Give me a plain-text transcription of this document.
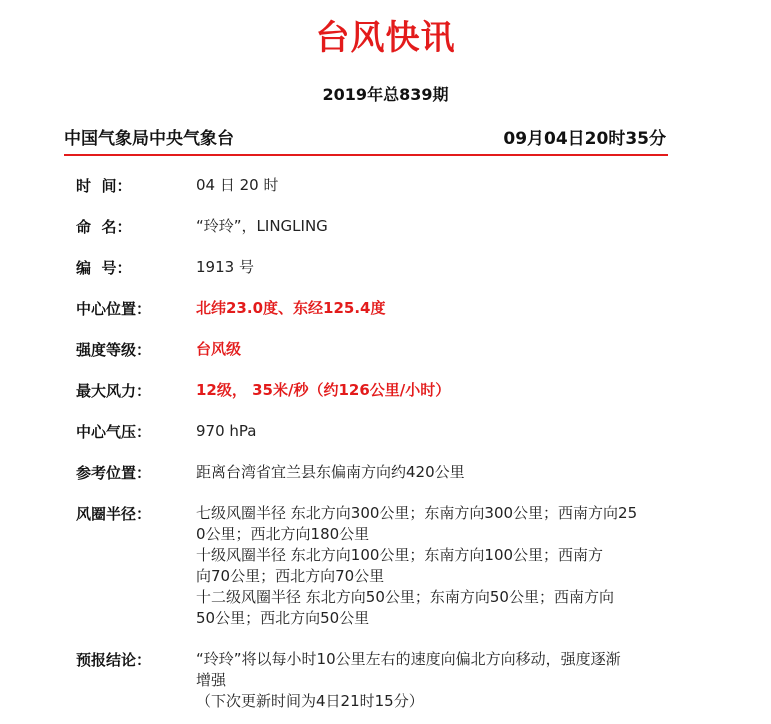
台风快讯
2019年总839期
中国气象局中央气象台	09月04日20时35分
时  间：	04 日 20 时
命  名：	“玲玲”，LINGLING
编  号：	1913 号
中心位置：	北纬23.0度、东经125.4度
强度等级：	台风级
最大风力：	12级， 35米/秒（约126公里/小时）
中心气压：	970 hPa
参考位置：	距离台湾省宜兰县东偏南方向约420公里
风圈半径：	七级风圈半径 东北方向300公里；东南方向300公里；西南方向25
0公里；西北方向180公里
十级风圈半径 东北方向100公里；东南方向100公里；西南方
向70公里；西北方向70公里
十二级风圈半径 东北方向50公里；东南方向50公里；西南方向
50公里；西北方向50公里
预报结论：	“玲玲”将以每小时10公里左右的速度向偏北方向移动，强度逐渐
增强
（下次更新时间为4日21时15分）
